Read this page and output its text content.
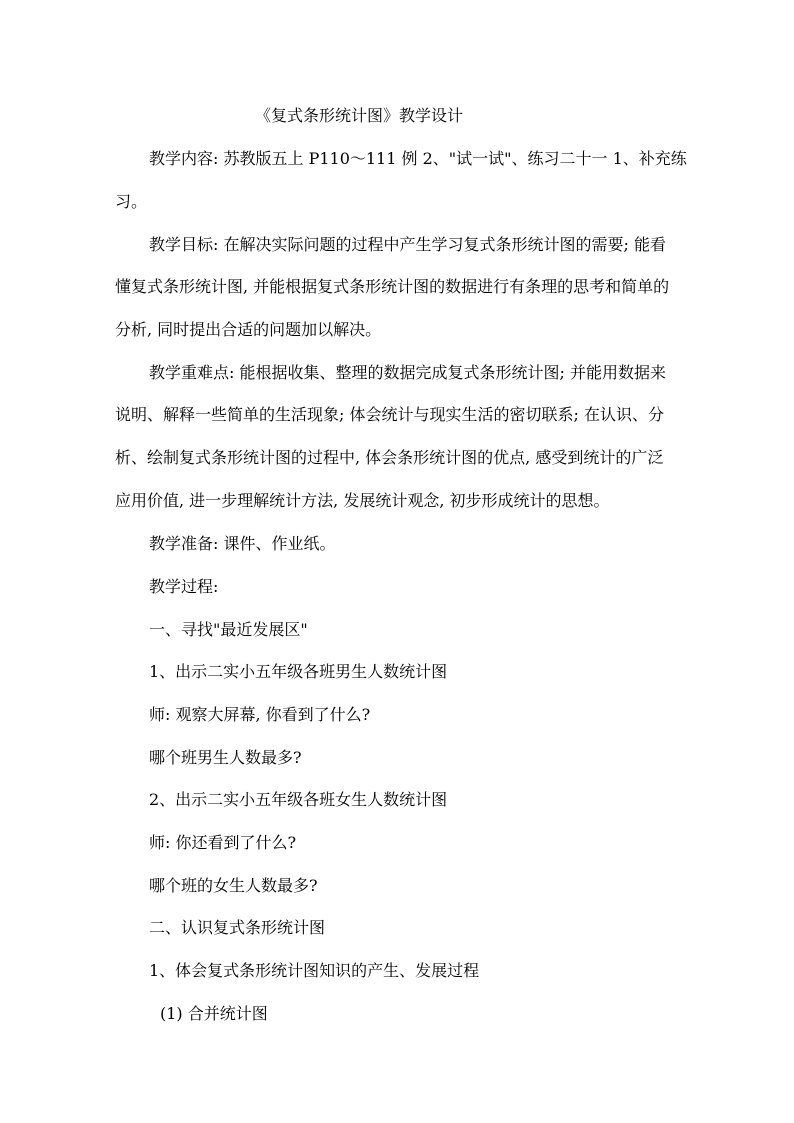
《复式条形统计图》教学设计
教学内容: 苏教版五上 P110～111 例 2、"试一试"、练习二十一 1、补充练
习。
教学目标: 在解决实际问题的过程中产生学习复式条形统计图的需要; 能看
懂复式条形统计图, 并能根据复式条形统计图的数据进行有条理的思考和简单的
分析, 同时提出合适的问题加以解决。
教学重难点: 能根据收集、整理的数据完成复式条形统计图; 并能用数据来
说明、解释一些简单的生活现象; 体会统计与现实生活的密切联系; 在认识、分
析、绘制复式条形统计图的过程中, 体会条形统计图的优点, 感受到统计的广泛
应用价值, 进一步理解统计方法, 发展统计观念, 初步形成统计的思想。
教学准备: 课件、作业纸。
教学过程:
一、寻找"最近发展区"
1、出示二实小五年级各班男生人数统计图
师: 观察大屏幕, 你看到了什么?
哪个班男生人数最多?
2、出示二实小五年级各班女生人数统计图
师: 你还看到了什么?
哪个班的女生人数最多?
二、认识复式条形统计图
1、体会复式条形统计图知识的产生、发展过程
(1) 合并统计图
